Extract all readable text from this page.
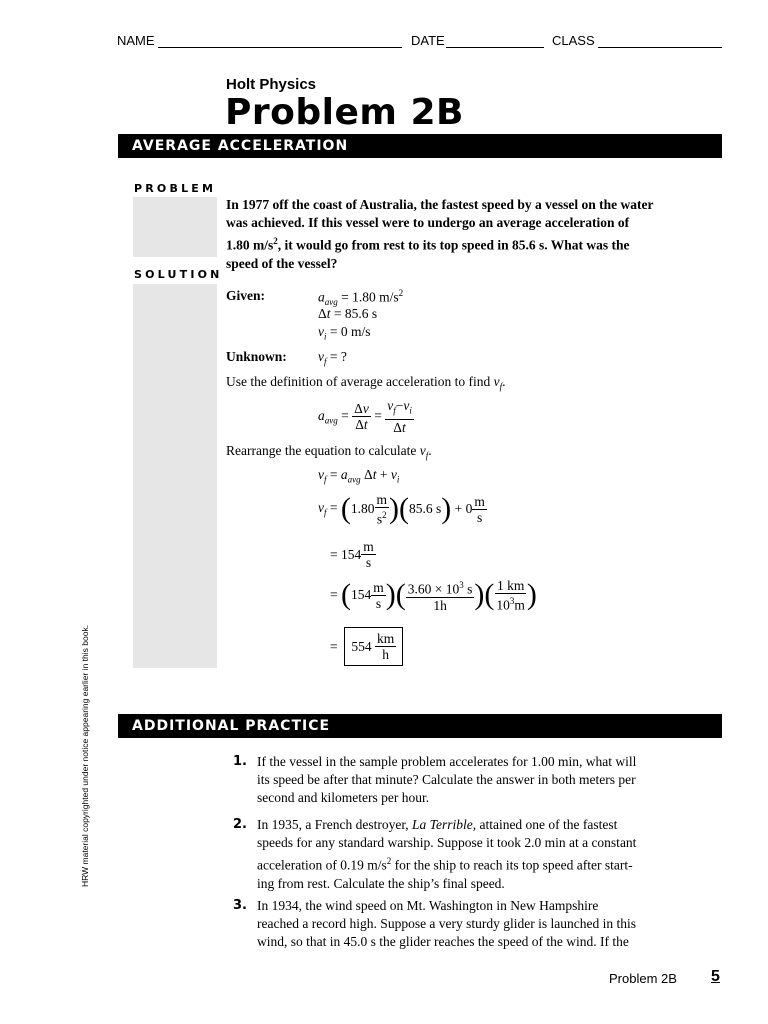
NAME	DATE	CLASS
Holt Physics
Problem 2B
AVERAGE ACCELERATION
PROBLEM
In 1977 off the coast of Australia, the fastest speed by a vessel on the water
was achieved. If this vessel were to undergo an average acceleration of
1.80 $m/s^2$, it would go from rest to its top speed in 85.6 s. What was the
speed of the vessel?
SOLUTION
Given:	$a_{avg} = 1.80$ $m/s^2$
Δt = 85.6 s
$v_i = 0$ m/s
Unknown: $v_f$ = ?
Use the definition of average acceleration to find $v_f$.
$a_{avg} = \frac{\Delta v}{\Delta t} = \frac{v_f-v_i}{\Delta t}$
Rearrange the equation to calculate $v_f$.
$v_f = a_{avg}$ $\Delta t + v_i$
$v_f$ = ( $1.80 \frac{m}{s^2}$ )( 85.6 s ) + $0 \frac{m}{s}$
= $154 \frac{m}{s}$
=
( $154 \frac{m}{s}$ )( $\frac{3.60 \times 10^3 s}{1h}$ )( $\frac{1 km}{10^3m}$ )
=
554
$\frac{km}{h}$
ADDITIONAL PRACTICE
1. If the vessel in the sample problem accelerates for 1.00 min, what will
its speed be after that minute? Calculate the answer in both meters per
second and kilometers per hour.
2. In 1935, a French destroyer, La Terrible, attained one of the fastest
speeds for any standard warship. Suppose it took 2.0 min at a constant
acceleration of 0.19 $m/s^2$ for the ship to reach its top speed after start-
ing from rest. Calculate the ship’s final speed.
3. In 1934, the wind speed on Mt. Washington in New Hampshire
reached a record high. Suppose a very sturdy glider is launched in this
wind, so that in 45.0 s the glider reaches the speed of the wind. If the
HRW material copyrighted under notice appearing earlier in this book.
Problem 2B 5
